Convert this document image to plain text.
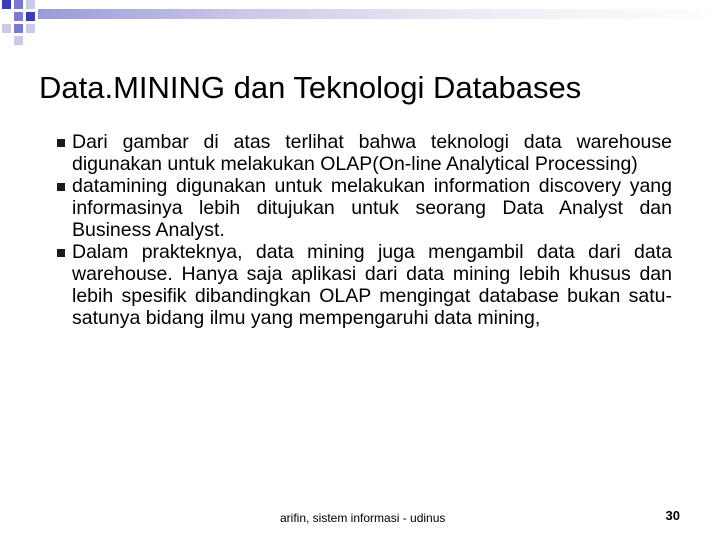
Data.MINING dan Teknologi Databases
Dari gambar di atas terlihat bahwa teknologi data warehouse digunakan untuk melakukan OLAP(On-line Analytical Processing)
datamining digunakan untuk melakukan information discovery yang informasinya lebih ditujukan untuk seorang Data Analyst dan Business Analyst.
Dalam prakteknya, data mining juga mengambil data dari data warehouse. Hanya saja aplikasi dari data mining lebih khusus dan lebih spesifik dibandingkan OLAP mengingat database bukan satu-satunya bidang ilmu yang mempengaruhi data mining,
arifin, sistem informasi - udinus	30
